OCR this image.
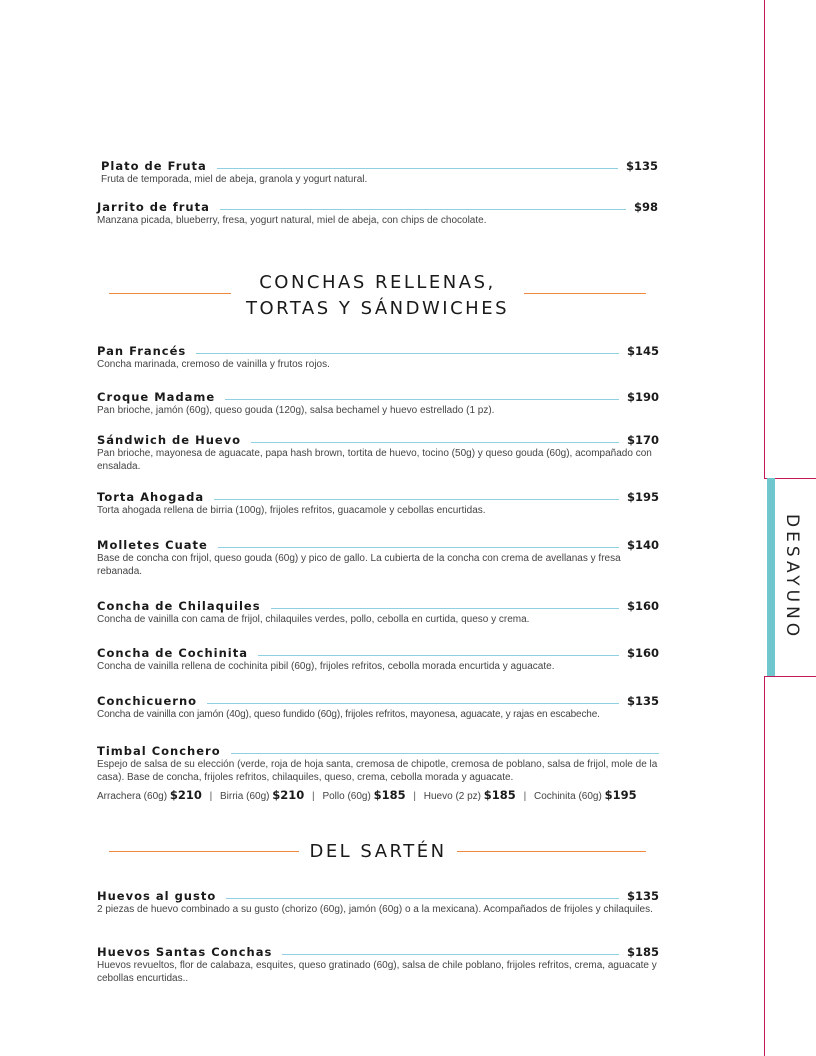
DESAYUNO
Plato de Fruta	$135
Fruta de temporada, miel de abeja, granola y yogurt natural.
Jarrito de fruta	$98
Manzana picada, blueberry, fresa, yogurt natural, miel de abeja, con chips de chocolate.
CONCHAS RELLENAS,
TORTAS Y SÁNDWICHES
Pan Francés	$145
Concha marinada, cremoso de vainilla y frutos rojos.
Croque Madame	$190
Pan brioche, jamón (60g), queso gouda (120g), salsa bechamel y huevo estrellado (1 pz).
Sándwich de Huevo	$170
Pan brioche, mayonesa de aguacate, papa hash brown, tortita de huevo, tocino (50g) y queso gouda (60g), acompañado con ensalada.
Torta Ahogada	$195
Torta ahogada rellena de birria (100g), frijoles refritos, guacamole y cebollas encurtidas.
Molletes Cuate	$140
Base de concha con frijol, queso gouda (60g) y pico de gallo. La cubierta de la concha con crema de avellanas y fresa rebanada.
Concha de Chilaquiles	$160
Concha de vainilla con cama de frijol, chilaquiles verdes, pollo, cebolla en curtida, queso y crema.
Concha de Cochinita	$160
Concha de vainilla rellena de cochinita pibil (60g), frijoles refritos, cebolla morada encurtida y aguacate.
Conchicuerno	$135
Concha de vainilla con jamón (40g), queso fundido (60g), frijoles refritos, mayonesa, aguacate, y rajas en escabeche.
Timbal Conchero
Espejo de salsa de su elección (verde, roja de hoja santa, cremosa de chipotle, cremosa de poblano, salsa de frijol, mole de la casa). Base de concha, frijoles refritos, chilaquiles, queso, crema, cebolla morada y aguacate.
Arrachera (60g) $210 | Birria (60g) $210 | Pollo (60g) $185 | Huevo (2 pz) $185 | Cochinita (60g) $195
DEL SARTÉN
Huevos al gusto	$135
2 piezas de huevo combinado a su gusto (chorizo (60g), jamón (60g) o a la mexicana). Acompañados de frijoles y chilaquiles.
Huevos Santas Conchas	$185
Huevos revueltos, flor de calabaza, esquites, queso gratinado (60g), salsa de chile poblano, frijoles refritos, crema, aguacate y cebollas encurtidas..
